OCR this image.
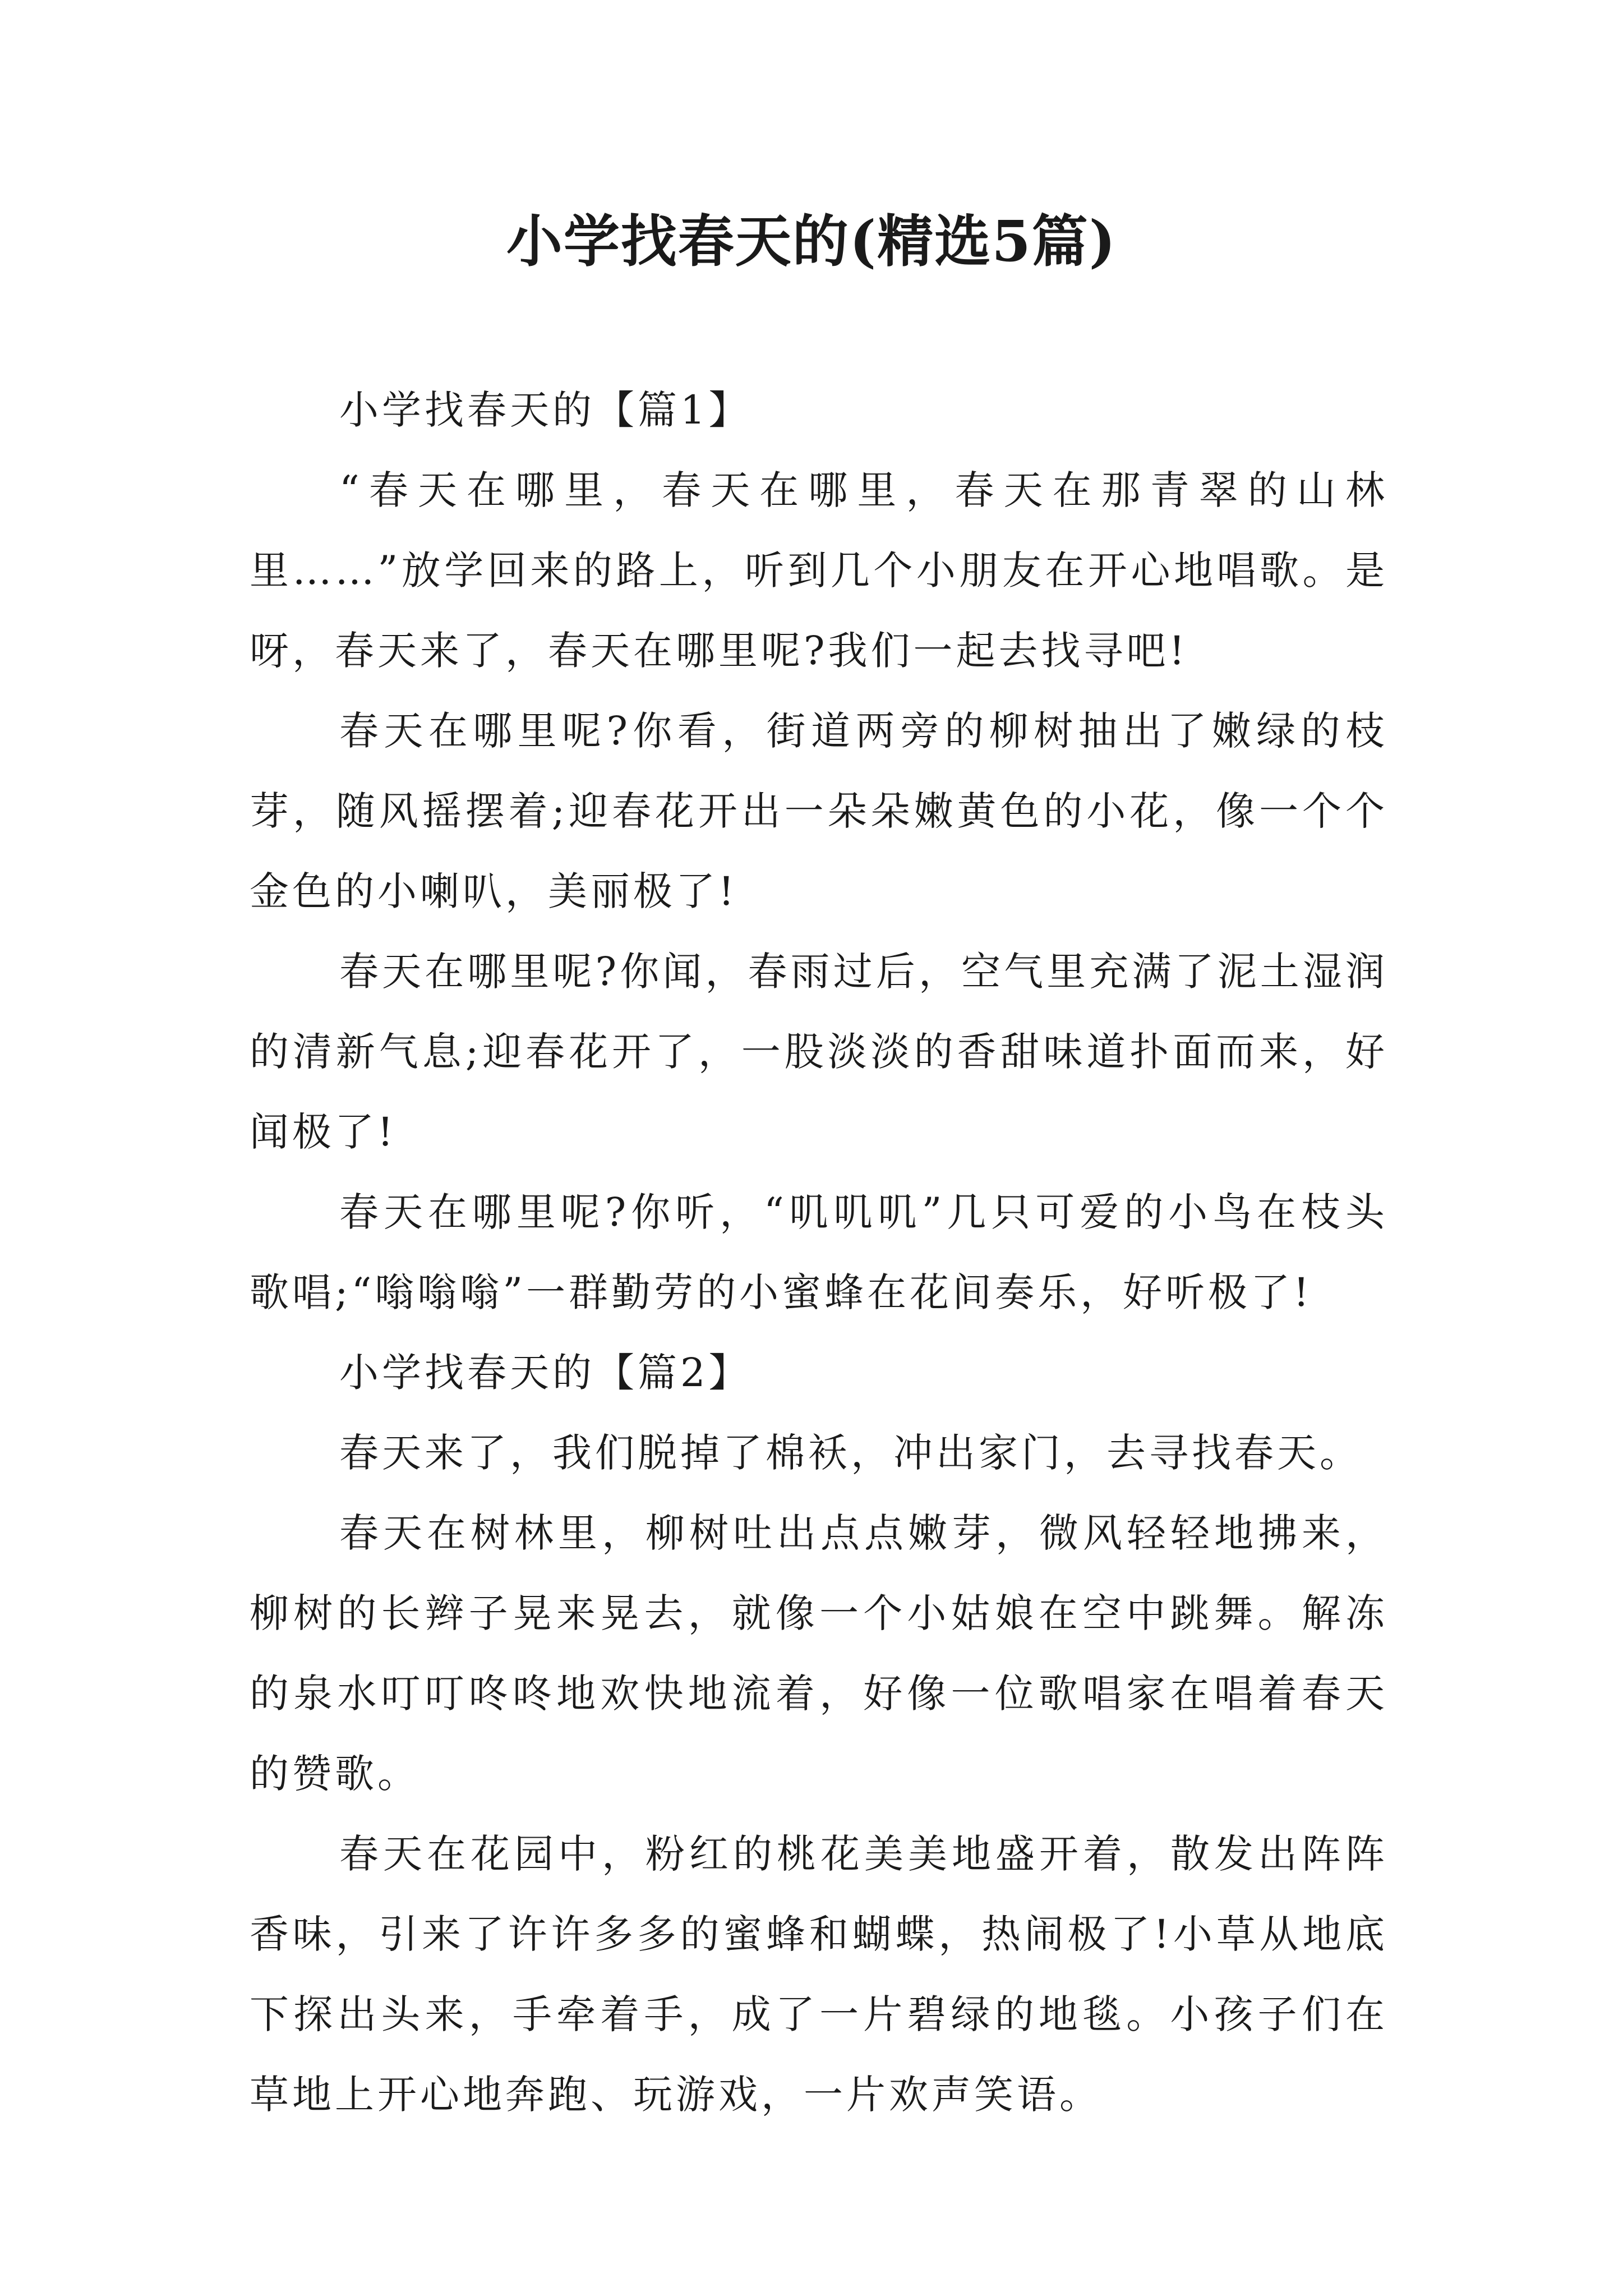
小学找春天的(精选5篇)

小学找春天的【篇1】

“春天在哪里，春天在哪里，春天在那青翠的山林里……”放学回来的路上，听到几个小朋友在开心地唱歌。是呀，春天来了，春天在哪里呢?我们一起去找寻吧!

春天在哪里呢?你看，街道两旁的柳树抽出了嫩绿的枝芽，随风摇摆着;迎春花开出一朵朵嫩黄色的小花，像一个个金色的小喇叭，美丽极了!

春天在哪里呢?你闻，春雨过后，空气里充满了泥土湿润的清新气息;迎春花开了，一股淡淡的香甜味道扑面而来，好闻极了!

春天在哪里呢?你听，“叽叽叽”几只可爱的小鸟在枝头歌唱;“嗡嗡嗡”一群勤劳的小蜜蜂在花间奏乐，好听极了!

小学找春天的【篇2】

春天来了，我们脱掉了棉袄，冲出家门，去寻找春天。

春天在树林里，柳树吐出点点嫩芽，微风轻轻地拂来，柳树的长辫子晃来晃去，就像一个小姑娘在空中跳舞。解冻的泉水叮叮咚咚地欢快地流着，好像一位歌唱家在唱着春天的赞歌。

春天在花园中，粉红的桃花美美地盛开着，散发出阵阵香味，引来了许许多多的蜜蜂和蝴蝶，热闹极了!小草从地底下探出头来，手牵着手，成了一片碧绿的地毯。小孩子们在草地上开心地奔跑、玩游戏，一片欢声笑语。
